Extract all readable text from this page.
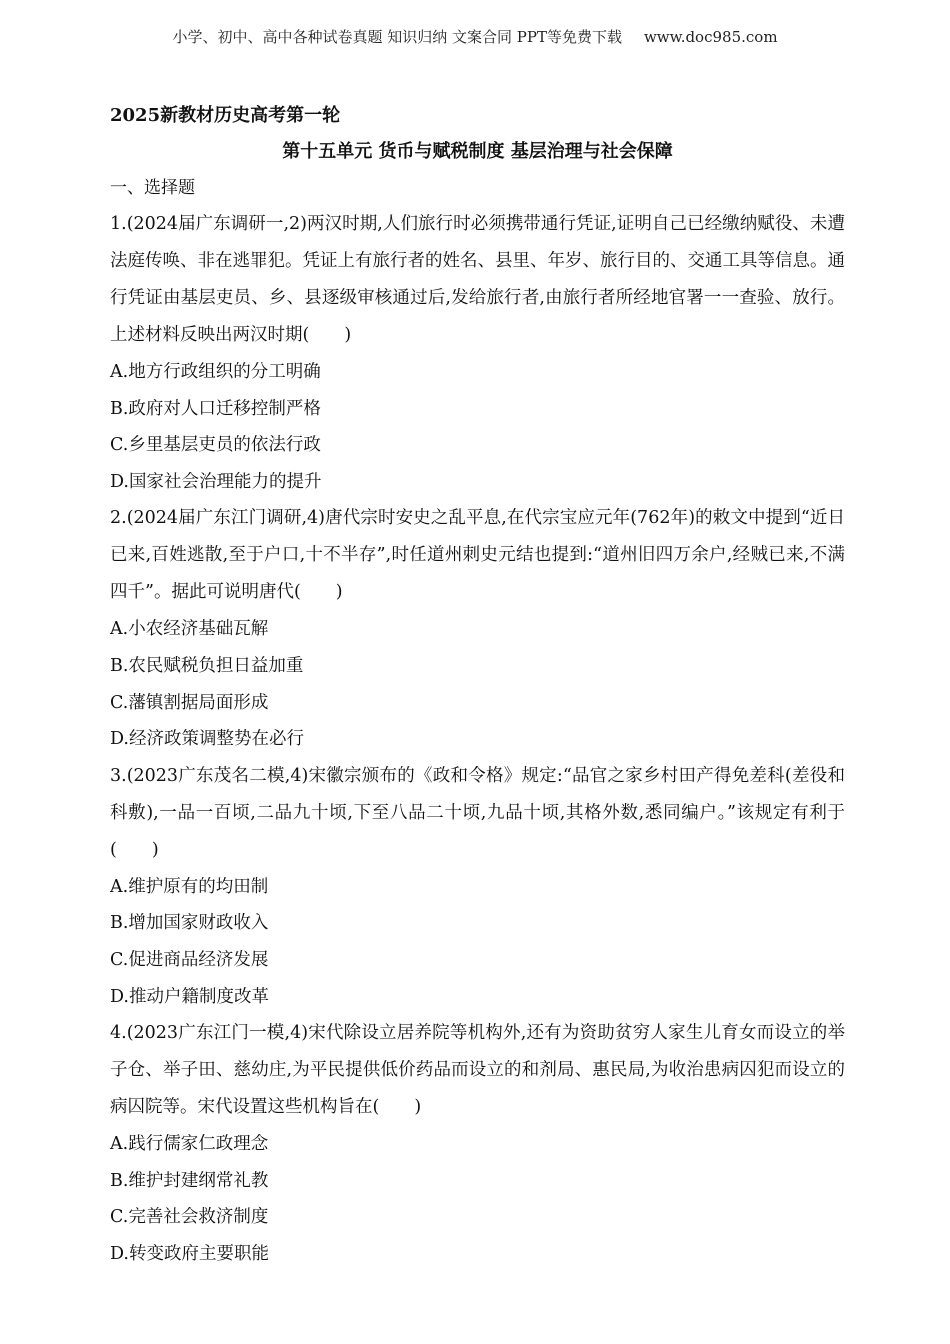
小学、初中、高中各种试卷真题 知识归纳 文案合同 PPT等免费下载 www.doc985.com
2025新教材历史高考第一轮
第十五单元 货币与赋税制度 基层治理与社会保障
一、选择题
1.(2024届广东调研一,2)两汉时期,人们旅行时必须携带通行凭证,证明自己已经缴纳赋役、未遭法庭传唤、非在逃罪犯。凭证上有旅行者的姓名、县里、年岁、旅行目的、交通工具等信息。通行凭证由基层吏员、乡、县逐级审核通过后,发给旅行者,由旅行者所经地官署一一查验、放行。上述材料反映出两汉时期(　　)
A.地方行政组织的分工明确
B.政府对人口迁移控制严格
C.乡里基层吏员的依法行政
D.国家社会治理能力的提升
2.(2024届广东江门调研,4)唐代宗时安史之乱平息,在代宗宝应元年(762年)的敕文中提到“近日已来,百姓逃散,至于户口,十不半存”,时任道州刺史元结也提到:“道州旧四万余户,经贼已来,不满四千”。据此可说明唐代(　　)
A.小农经济基础瓦解
B.农民赋税负担日益加重
C.藩镇割据局面形成
D.经济政策调整势在必行
3.(2023广东茂名二模,4)宋徽宗颁布的《政和令格》规定:“品官之家乡村田产得免差科(差役和科敷),一品一百顷,二品九十顷,下至八品二十顷,九品十顷,其格外数,悉同编户。”该规定有利于(　　)
A.维护原有的均田制
B.增加国家财政收入
C.促进商品经济发展
D.推动户籍制度改革
4.(2023广东江门一模,4)宋代除设立居养院等机构外,还有为资助贫穷人家生儿育女而设立的举子仓、举子田、慈幼庄,为平民提供低价药品而设立的和剂局、惠民局,为收治患病囚犯而设立的病囚院等。宋代设置这些机构旨在(　　)
A.践行儒家仁政理念
B.维护封建纲常礼教
C.完善社会救济制度
D.转变政府主要职能
